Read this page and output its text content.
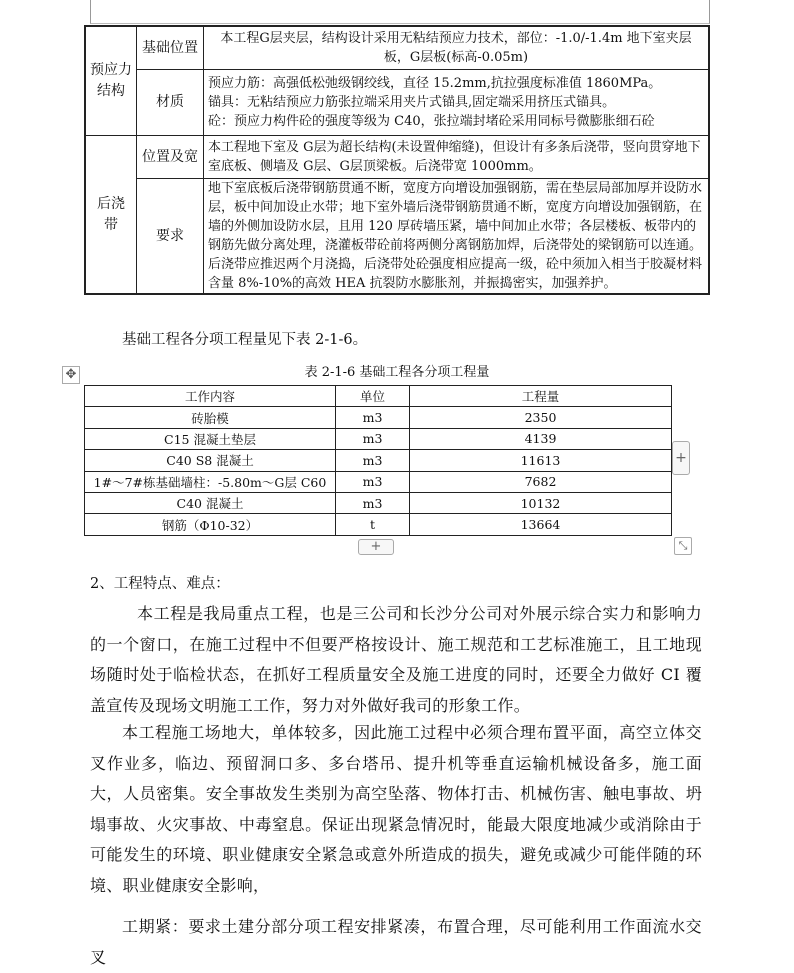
预应力结构	基础位置	本工程G层夹层，结构设计采用无粘结预应力技术，部位：-1.0/-1.4m 地下室夹层板，G层板(标高-0.05m)

	材质	预应力筋：高强低松弛级钢绞线，直径 15.2mm,抗拉强度标准值 1860MPa。
锚具：无粘结预应力筋张拉端采用夹片式锚具,固定端采用挤压式锚具。
砼：预应力构件砼的强度等级为 C40，张拉端封堵砼采用同标号微膨胀细石砼

后浇带	位置及宽	本工程地下室及 G层为超长结构(未设置伸缩缝)，但设计有多条后浇带，竖向贯穿地下室底板、侧墙及 G层、G层顶梁板。后浇带宽 1000mm。

	要求	地下室底板后浇带钢筋贯通不断，宽度方向增设加强钢筋，需在垫层局部加厚并设防水层，板中间加设止水带；地下室外墙后浇带钢筋贯通不断，宽度方向增设加强钢筋，在墙的外侧加设防水层，且用 120 厚砖墙压紧，墙中间加止水带；各层楼板、板带内的钢筋先做分离处理，浇灌板带砼前将两侧分离钢筋加焊，后浇带处的梁钢筋可以连通。
后浇带应推迟两个月浇捣，后浇带处砼强度相应提高一级，砼中须加入相当于胶凝材料含量 8%-10%的高效 HEA 抗裂防水膨胀剂，并振捣密实，加强养护。
基础工程各分项工程量见下表 2-1-6。
表 2-1-6 基础工程各分项工程量
✥
工作内容	单位	工程量
砖胎模	m3	2350
C15 混凝土垫层	m3	4139
C40 S8 混凝土	m3	11613
1#～7#栋基础墙柱：-5.80m～G层 C60	m3	7682
C40 混凝土	m3	10132
钢筋（Φ10-32）	t	13664
+
+	⤡
2、工程特点、难点：
本工程是我局重点工程，也是三公司和长沙分公司对外展示综合实力和影响力的一个窗口，在施工过程中不但要严格按设计、施工规范和工艺标准施工，且工地现场随时处于临检状态，在抓好工程质量安全及施工进度的同时，还要全力做好 CI 覆盖宣传及现场文明施工工作，努力对外做好我司的形象工作。
本工程施工场地大，单体较多，因此施工过程中必须合理布置平面，高空立体交叉作业多，临边、预留洞口多、多台塔吊、提升机等垂直运输机械设备多，施工面大，人员密集。安全事故发生类别为高空坠落、物体打击、机械伤害、触电事故、坍塌事故、火灾事故、中毒窒息。保证出现紧急情况时，能最大限度地减少或消除由于可能发生的环境、职业健康安全紧急或意外所造成的损失，避免或减少可能伴随的环境、职业健康安全影响，
工期紧：要求土建分部分项工程安排紧凑，布置合理，尽可能利用工作面流水交叉
